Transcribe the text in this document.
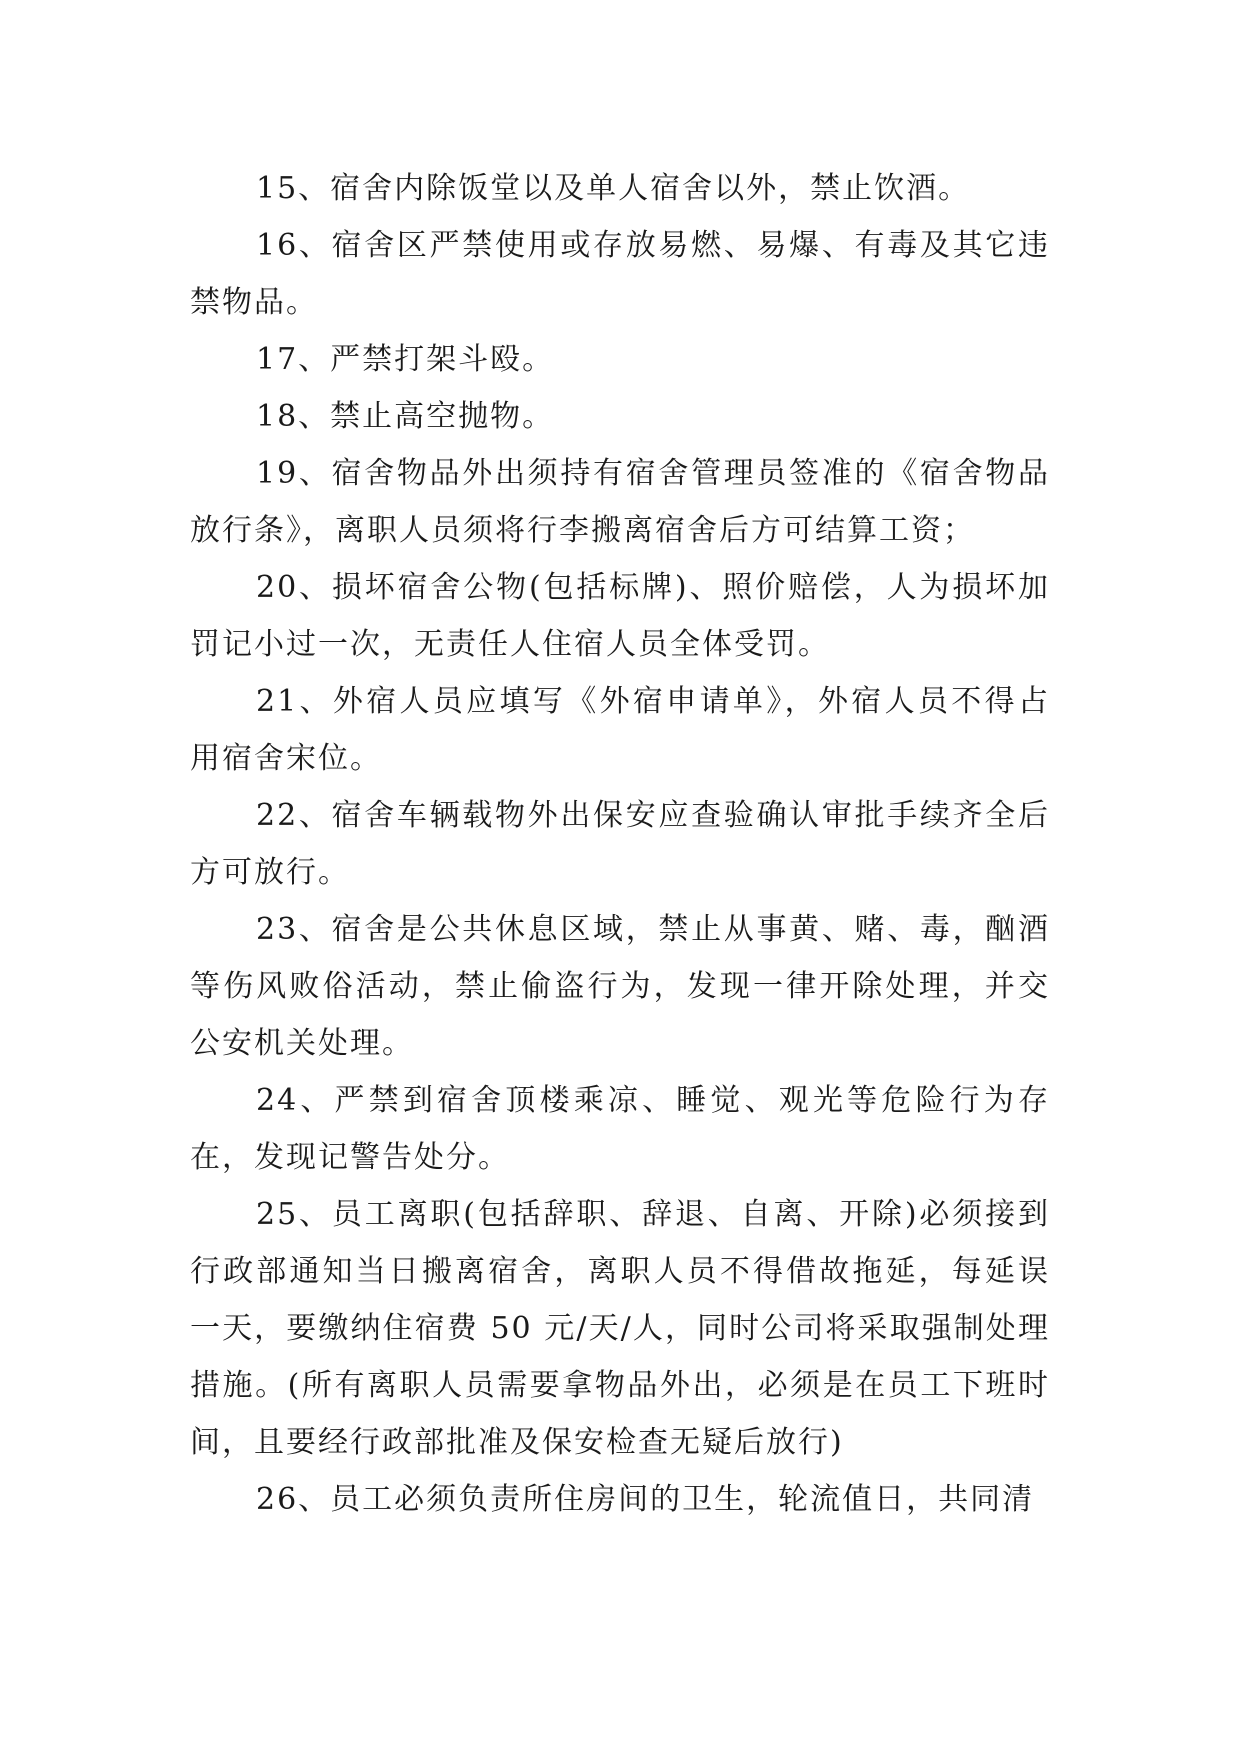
15、宿舍内除饭堂以及单人宿舍以外，禁止饮酒。

16、宿舍区严禁使用或存放易燃、易爆、有毒及其它违禁物品。

17、严禁打架斗殴。

18、禁止高空抛物。

19、宿舍物品外出须持有宿舍管理员签准的《宿舍物品放行条》，离职人员须将行李搬离宿舍后方可结算工资；

20、损坏宿舍公物(包括标牌)、照价赔偿，人为损坏加罚记小过一次，无责任人住宿人员全体受罚。

21、外宿人员应填写《外宿申请单》，外宿人员不得占用宿舍宋位。

22、宿舍车辆载物外出保安应查验确认审批手续齐全后方可放行。

23、宿舍是公共休息区域，禁止从事黄、赌、毒，酗酒等伤风败俗活动，禁止偷盗行为，发现一律开除处理，并交公安机关处理。

24、严禁到宿舍顶楼乘凉、睡觉、观光等危险行为存在，发现记警告处分。

25、员工离职(包括辞职、辞退、自离、开除)必须接到行政部通知当日搬离宿舍，离职人员不得借故拖延，每延误一天，要缴纳住宿费 50 元/天/人，同时公司将采取强制处理措施。(所有离职人员需要拿物品外出，必须是在员工下班时间，且要经行政部批准及保安检查无疑后放行)

26、员工必须负责所住房间的卫生，轮流值日，共同清
